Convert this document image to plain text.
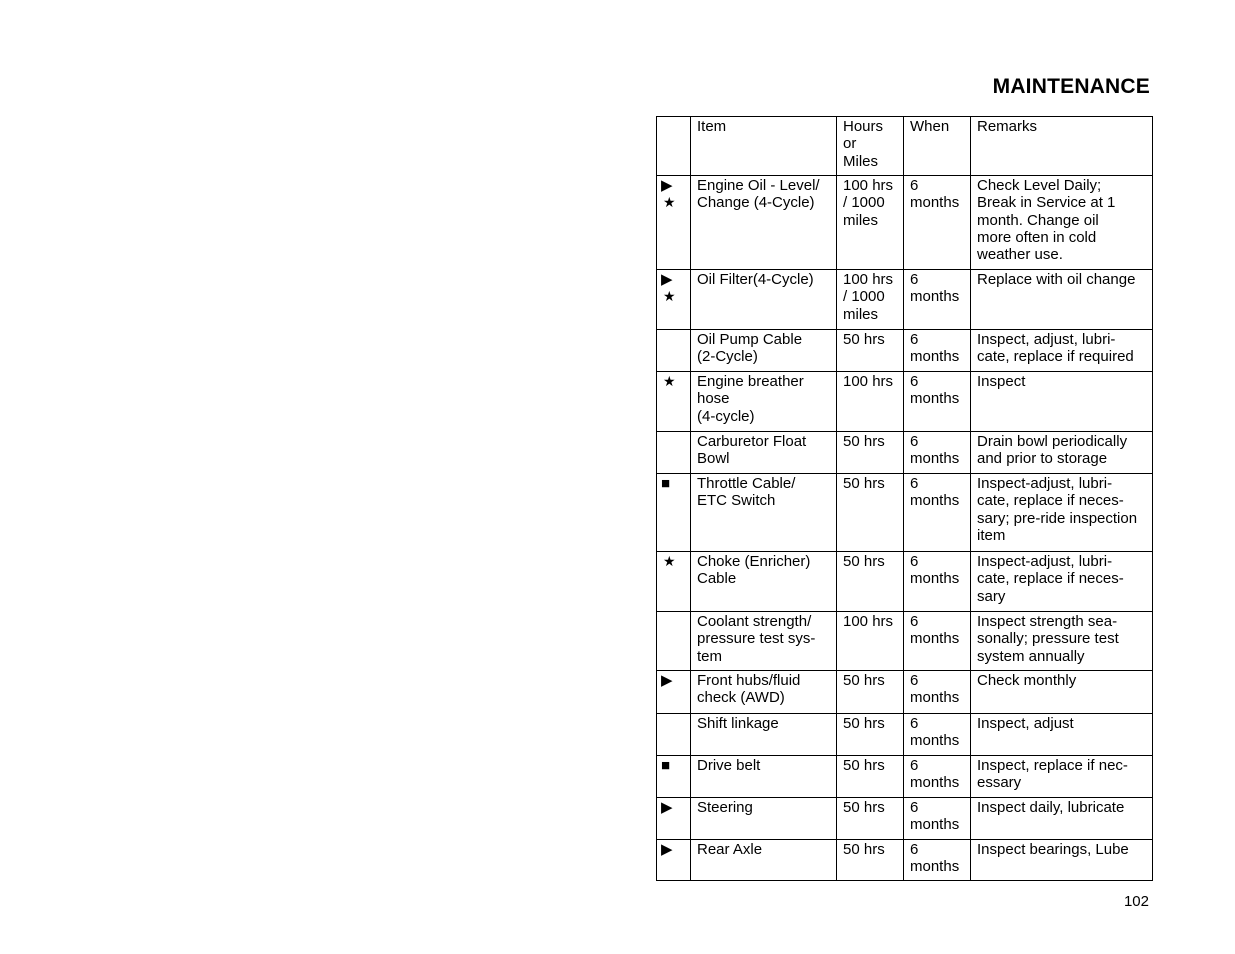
MAINTENANCE
	Item	Hours
or
Miles	When	Remarks

▶
★	Engine Oil - Level/
Change (4-Cycle)	100 hrs
/ 1000
miles	6
months	Check Level Daily;
Break in Service at 1
month. Change oil
more often in cold
weather use.

▶
★	Oil Filter(4-Cycle)	100 hrs
/ 1000
miles	6
months	Replace with oil change

	Oil Pump Cable
(2-Cycle)	50 hrs	6
months	Inspect, adjust, lubri-
cate, replace if required

★	Engine breather
hose
(4-cycle)	100 hrs	6
months	Inspect

	Carburetor Float
Bowl	50 hrs	6
months	Drain bowl periodically
and prior to storage

■	Throttle Cable/
ETC Switch	50 hrs	6
months	Inspect-adjust, lubri-
cate, replace if neces-
sary; pre-ride inspection
item

★	Choke (Enricher)
Cable	50 hrs	6
months	Inspect-adjust, lubri-
cate, replace if neces-
sary

	Coolant strength/
pressure test sys-
tem	100 hrs	6
months	Inspect strength sea-
sonally; pressure test
system annually

▶	Front hubs/fluid
check (AWD)	50 hrs	6
months	Check monthly

	Shift linkage	50 hrs	6
months	Inspect, adjust

■	Drive belt	50 hrs	6
months	Inspect, replace if nec-
essary

▶	Steering	50 hrs	6
months	Inspect daily, lubricate

▶	Rear Axle	50 hrs	6
months	Inspect bearings, Lube
102
